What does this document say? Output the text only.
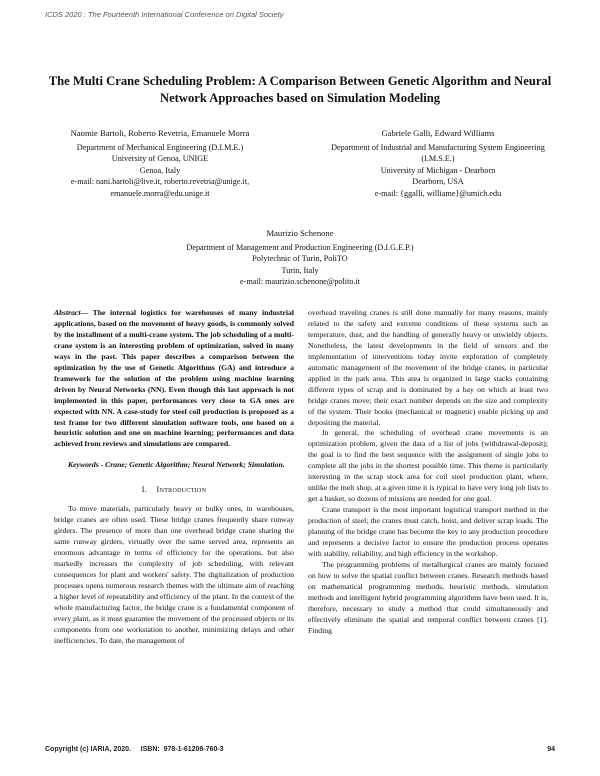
ICDS 2020 : The Fourteenth International Conference on Digital Society
The Multi Crane Scheduling Problem: A Comparison Between Genetic Algorithm and Neural Network Approaches based on Simulation Modeling
Naomie Bartoli, Roberto Revetria, Emanuele Morra
Department of Mechanical Engineering (D.I.M.E.)
University of Genoa, UNIGE
Genoa, Italy
e-mail: nani.bartoli@live.it, roberto.revetria@unige.it,
emanuele.morra@edu.unige.it
Gabriele Galli, Edward Williams
Department of Industrial and Manufacturing System Engineering (I.M.S.E.)
University of Michigan - Dearborn
Dearborn, USA
e-mail: {ggalli, williame}@umich.edu
Maurizio Schenone
Department of Management and Production Engineering (D.I.G.E.P.)
Polytechnic of Turin, PoliTO
Turin, Italy
e-mail: maurizio.schenone@polito.it

Abstract— The internal logistics for warehouses of many industrial applications, based on the movement of heavy goods, is commonly solved by the installment of a multi-crane system. The job scheduling of a multi-crane system is an interesting problem of optimization, solved in many ways in the past. This paper describes a comparison between the optimization by the use of Genetic Algorithms (GA) and introduce a framework for the solution of the problem using machine learning driven by Neural Networks (NN). Even though this last approach is not implemented in this paper, performances very close to GA ones are expected with NN. A case-study for steel coil production is proposed as a test frame for two different simulation software tools, one based on a heuristic solution and one on machine learning; performances and data achieved from reviews and simulations are compared.

Keywords - Crane; Genetic Algorithm; Neural Network; Simulation.

I. Introduction

To move materials, particularly heavy or bulky ones, in warehouses, bridge cranes are often used. These bridge cranes frequently share runway girders. The presence of more than one overhead bridge crane sharing the same runway girders, virtually over the same served area, represents an enormous advantage in terms of efficiency for the operations, but also markedly increases the complexity of job scheduling, with relevant consequences for plant and workers' safety. The digitalization of production processes opens numerous research themes with the ultimate aim of reaching a higher level of repeatability and efficiency of the plant. In the context of the whole manufacturing factor, the bridge crane is a fundamental component of every plant, as it must guarantee the movement of the processed objects or its components from one workstation to another, minimizing delays and other inefficiencies. To date, the management of

overhead traveling cranes is still done manually for many reasons, mainly related to the safety and extreme conditions of these systems such as temperature, dust, and the handling of generally heavy or unwieldy objects. Nonetheless, the latest developments in the field of sensors and the implementation of interventions today invite exploration of completely automatic management of the movement of the bridge cranes, in particular applied in the park area. This area is organized in large stacks containing different types of scrap and is dominated by a bay on which at least two bridge cranes move; their exact number depends on the size and complexity of the system. Their hooks (mechanical or magnetic) enable picking up and depositing the material.

In general, the scheduling of overhead crane movements is an optimization problem, given the data of a list of jobs (withdrawal-deposit); the goal is to find the best sequence with the assignment of single jobs to complete all the jobs in the shortest possible time. This theme is particularly interesting in the scrap stock area for coil steel production plant, where, unlike the melt shop, at a given time it is typical to have very long job lists to get a basket, so dozens of missions are needed for one goal.

Crane transport is the most important logistical transport method in the production of steel; the cranes must catch, hoist, and deliver scrap loads. The planning of the bridge crane has become the key to any production procedure and represents a decisive factor to ensure the production process operates with stability, reliability, and high efficiency in the workshop.

The programming problems of metallurgical cranes are mainly focused on how to solve the spatial conflict between cranes. Research methods based on mathematical programming methods, heuristic methods, simulation methods and intelligent hybrid programming algorithms have been used. It is, therefore, necessary to study a method that could simultaneously and effectively eliminate the spatial and temporal conflict between cranes [1]. Finding

Copyright (c) IARIA, 2020.     ISBN:  978-1-61208-760-3	94
